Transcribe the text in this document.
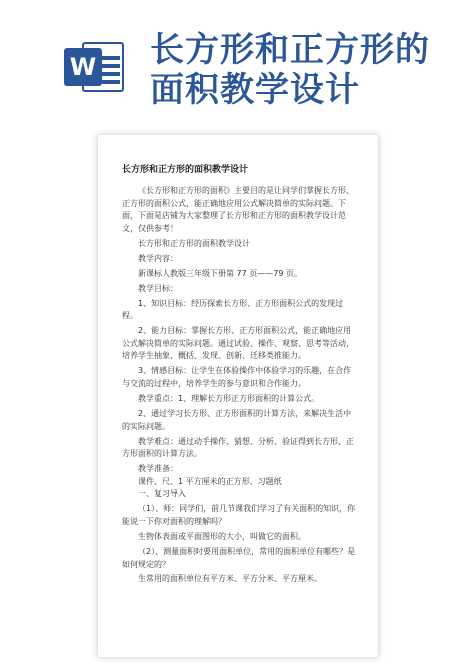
W 长方形和正方形的
面积教学设计
长方形和正方形的面积教学设计

《长方形和正方形的面积》主要目的是让同学们掌握长方形、正方形的面积公式，能正确地应用公式解决简单的实际问题。下面，下面是店铺为大家整理了长方形和正方形的面积教学设计范文，仅供参考！

长方形和正方形的面积教学设计

教学内容：

新课标人教版三年级下册第 77 页——79 页。

教学目标：

1、知识目标：经历探索长方形、正方形面积公式的发现过程。

2、能力目标：掌握长方形、正方形面积公式，能正确地应用公式解决简单的实际问题。通过试验、操作、观察、思考等活动，培养学生抽象、概括、发现、创新、迁移类推能力。

3、情感目标：让学生在体验操作中体验学习的乐趣，在合作与交流的过程中，培养学生的参与意识和合作能力。

教学重点：1、理解长方形正方形面积的计算公式。

2、通过学习长方形、正方形面积的计算方法，来解决生活中的实际问题。

教学难点：通过动手操作、猜想、分析、验证得到长方形、正方形面积的计算方法。

教学准备：

课件、尺、1 平方厘米的正方形、习题纸

一、复习导入

（1）、师：同学们，前几节课我们学习了有关面积的知识，你能说一下你对面积的理解吗？

生物体表面或平面图形的大小，叫做它的面积。

（2）、测量面积时要用面积单位，常用的面积单位有哪些？是如何规定的？

生常用的面积单位有平方米、平方分米、平方厘米。
